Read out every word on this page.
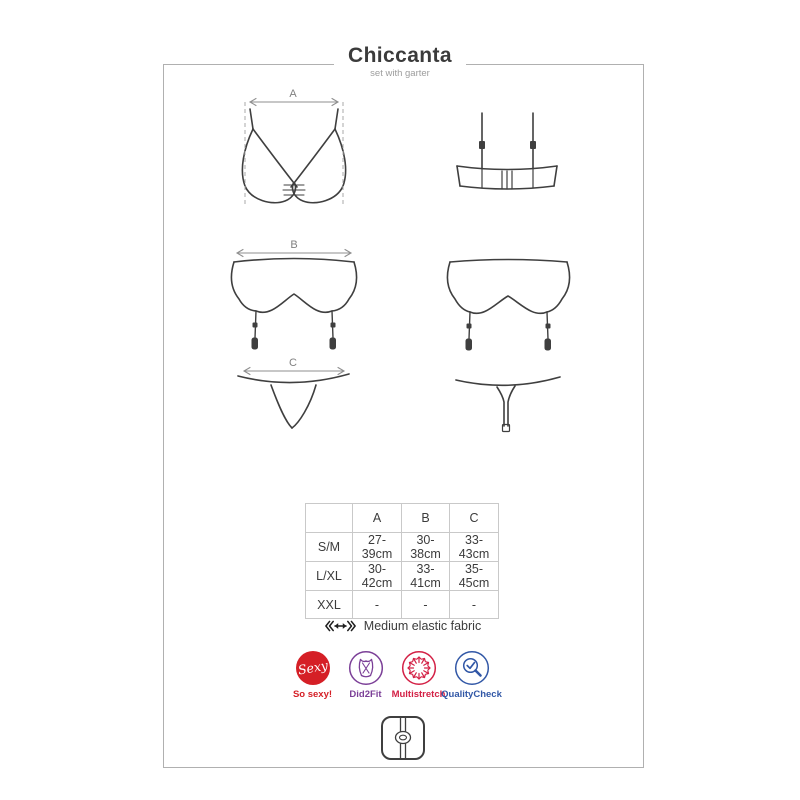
A
B
C
Chiccanta
set with garter
	A	B	C
S/M	27-39cm	30-38cm	33-43cm
L/XL	30-42cm	33-41cm	35-45cm
XXL	-	-	-
Medium elastic fabric
Sexy
So sexy! Did2Fit Multistretch
QualityCheck
